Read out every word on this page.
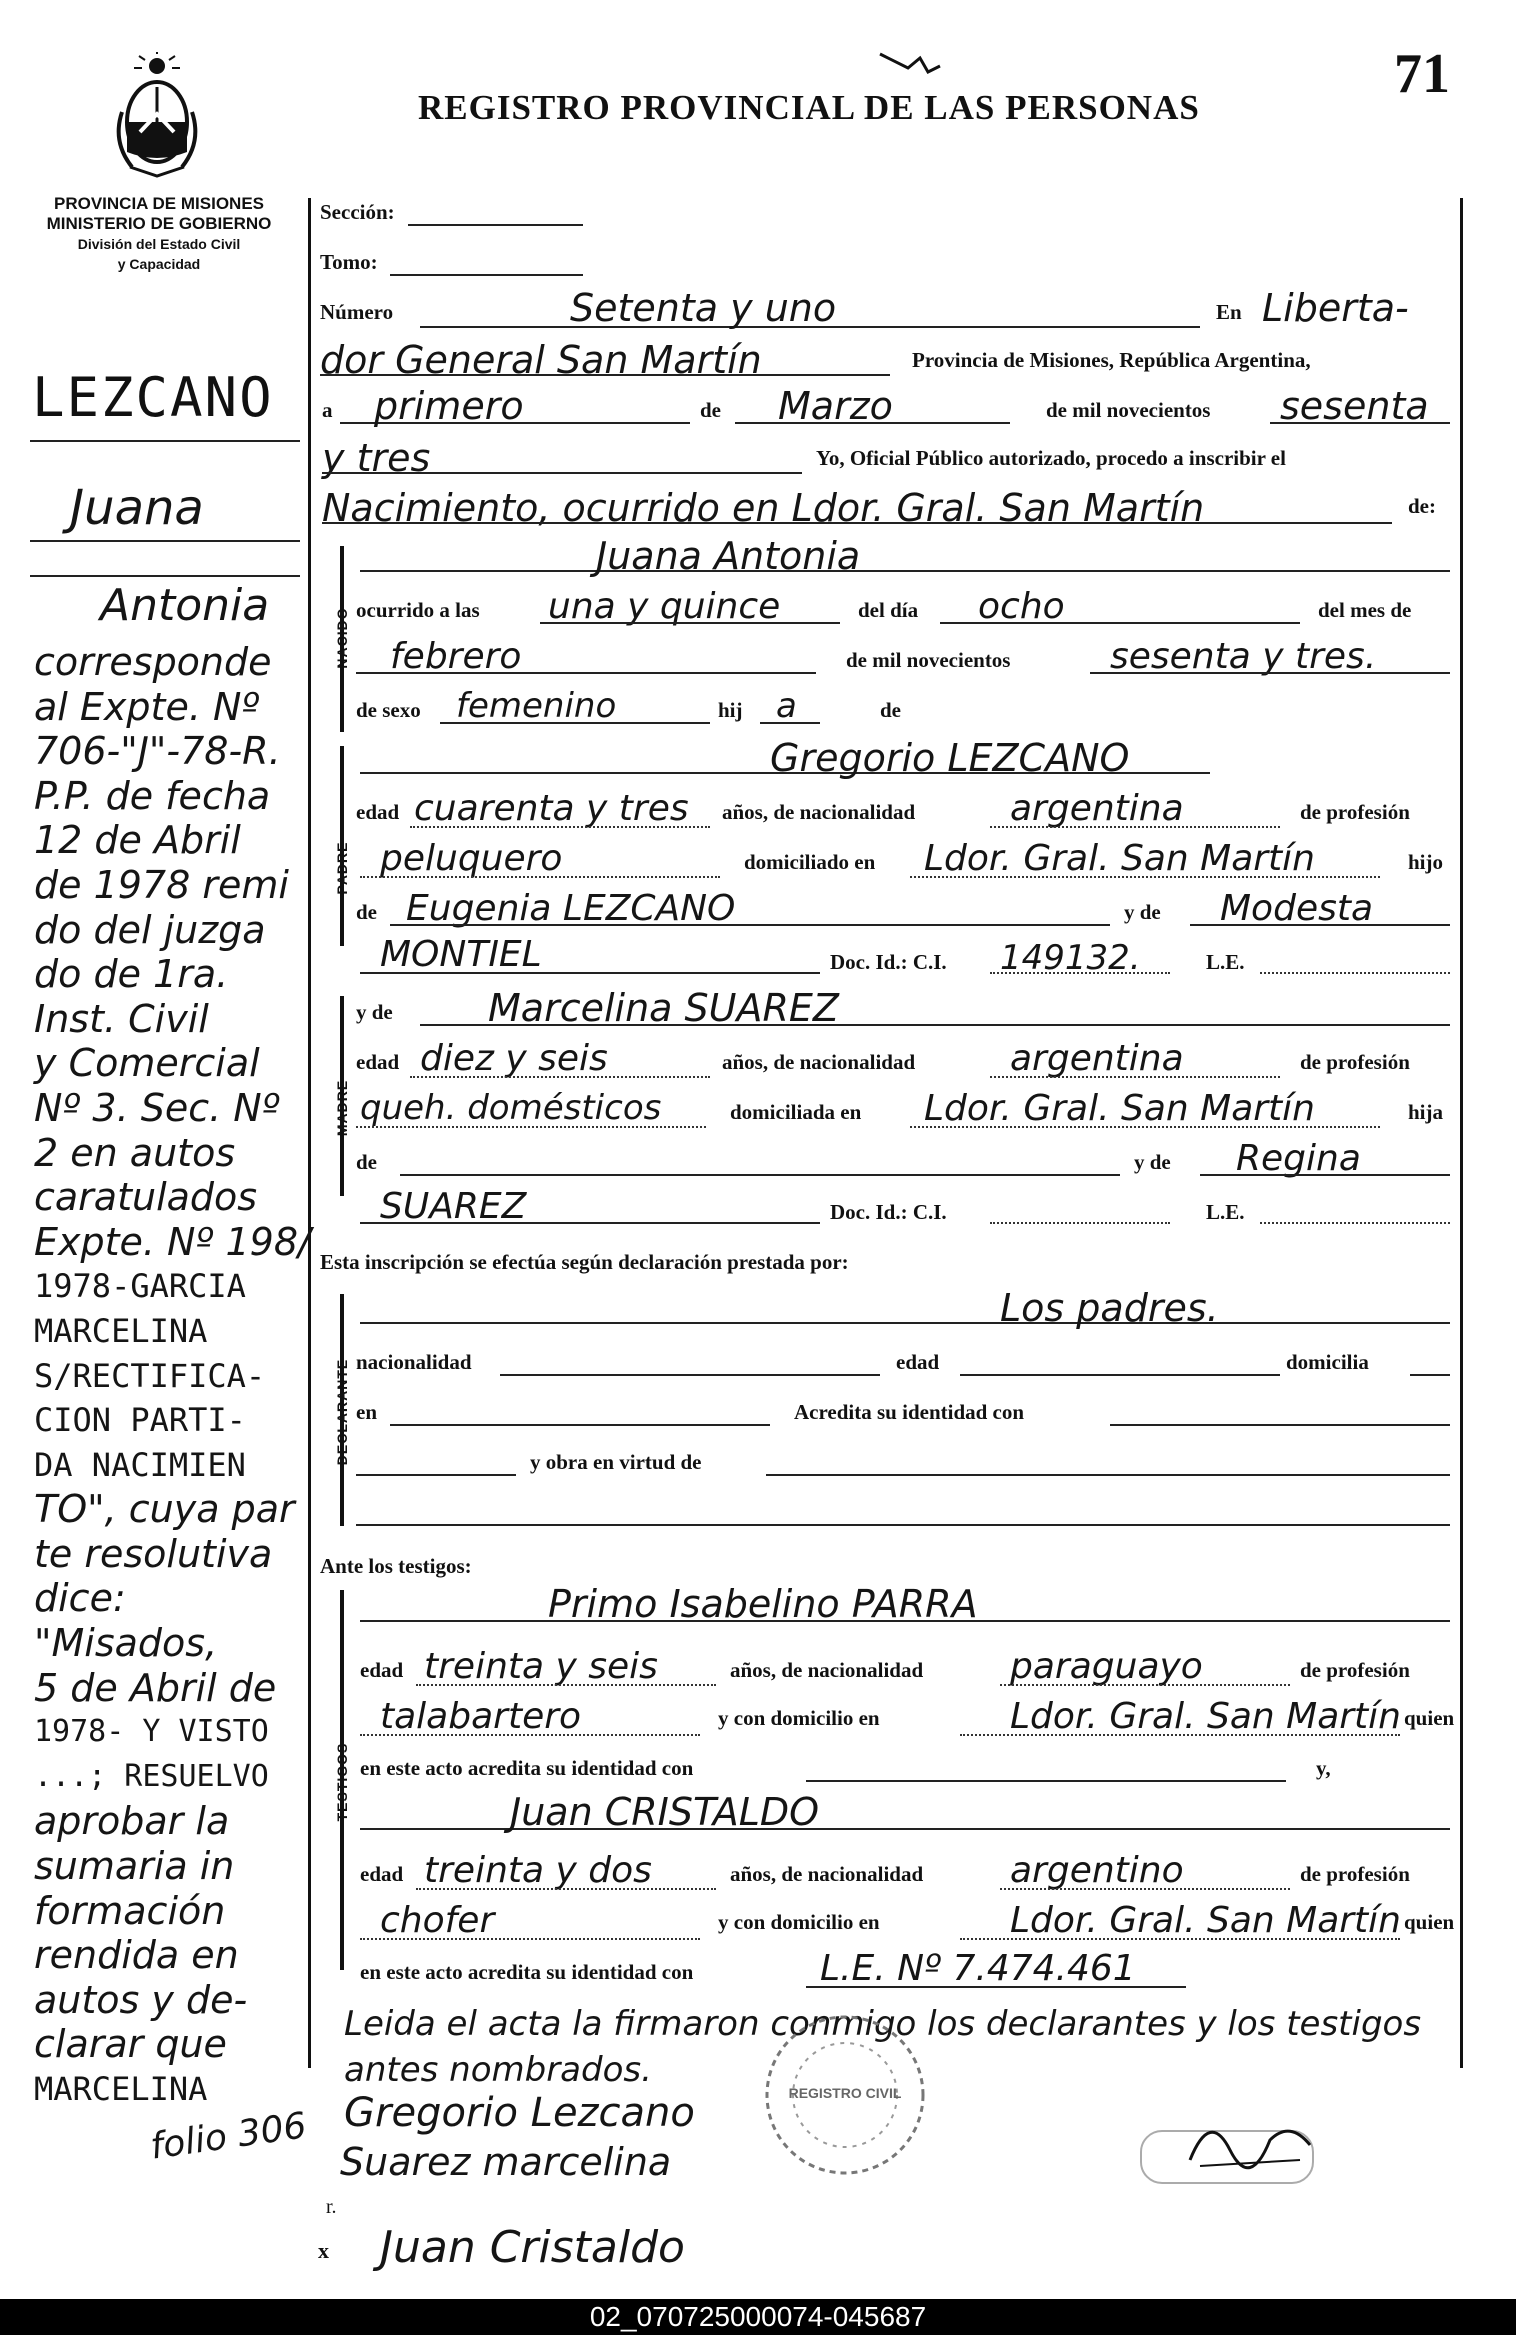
REGISTRO PROVINCIAL DE LAS PERSONAS
71
PROVINCIA DE MISIONES
MINISTERIO DE GOBIERNO
División del Estado Civil
y Capacidad
LEZCANO
Juana
Antonia
corresponde
al Expte. Nº
706-"J"-78-R.
P.P. de fecha
12 de Abril
de 1978 remi
do del juzga
do de 1ra.
Inst. Civil
y Comercial
Nº 3. Sec. Nº
2 en autos
caratulados
Expte. Nº 198/
1978-GARCIA
MARCELINA
S/RECTIFICA-
CION PARTI-
DA NACIMIEN
TO", cuya par
te resolutiva
dice: "Misados,
5 de Abril de
1978- Y VISTO
...; RESUELVO
aprobar la
sumaria in
formación
rendida en
autos y de-
clarar que
MARCELINA
folio 306
Sección:
Tomo:
Número	Setenta y uno	En Liberta-
dor General San Martín	Provincia de Misiones, República Argentina,
a primero	de Marzo	de mil novecientos sesenta
y tres	Yo, Oficial Público autorizado, procedo a inscribir el
Nacimiento, ocurrido en Ldor. Gral. San Martín	de:
NACIDO
Juana Antonia
ocurrido a las una y quince	del día ocho	del mes de
febrero	de mil novecientos	sesenta y tres.
de sexo femenino	hij a	de
PADRE
Gregorio LEZCANO
edad cuarenta y tres años, de nacionalidad	argentina	de profesión
peluquero	domiciliado en Ldor. Gral. San Martín	hijo
de Eugenia LEZCANO	y de Modesta
MONTIEL	Doc. Id.: C.I. 149132.	L.E.
MADRE
y de	Marcelina SUAREZ
edad diez y seis	años, de nacionalidad	argentina	de profesión
queh. domésticos	domiciliada en Ldor. Gral. San Martín	hija
de	y de Regina
SUAREZ	Doc. Id.: C.I.	L.E.
Esta inscripción se efectúa según declaración prestada por:
DECLARANTE
Los padres.
nacionalidad	edad	domicilia
en	Acredita su identidad con
y obra en virtud de
Ante los testigos:
TESTIGOS
Primo Isabelino PARRA
edad treinta y seis	años, de nacionalidad paraguayo	de profesión
talabartero	y con domicilio en	Ldor. Gral. San Martín quien
en este acto acredita su identidad con	y,
Juan CRISTALDO
edad treinta y dos	años, de nacionalidad argentino	de profesión
chofer	y con domicilio en	Ldor. Gral. San Martín quien
en este acto acredita su identidad con	L.E. Nº 7.474.461
Leida el acta la firmaron conmigo los declarantes y los testigos
antes nombrados.
REGISTRO CIVIL
Gregorio Lezcano
Suarez marcelina
Juan Cristaldo
r.
x
02_070725000074-045687
